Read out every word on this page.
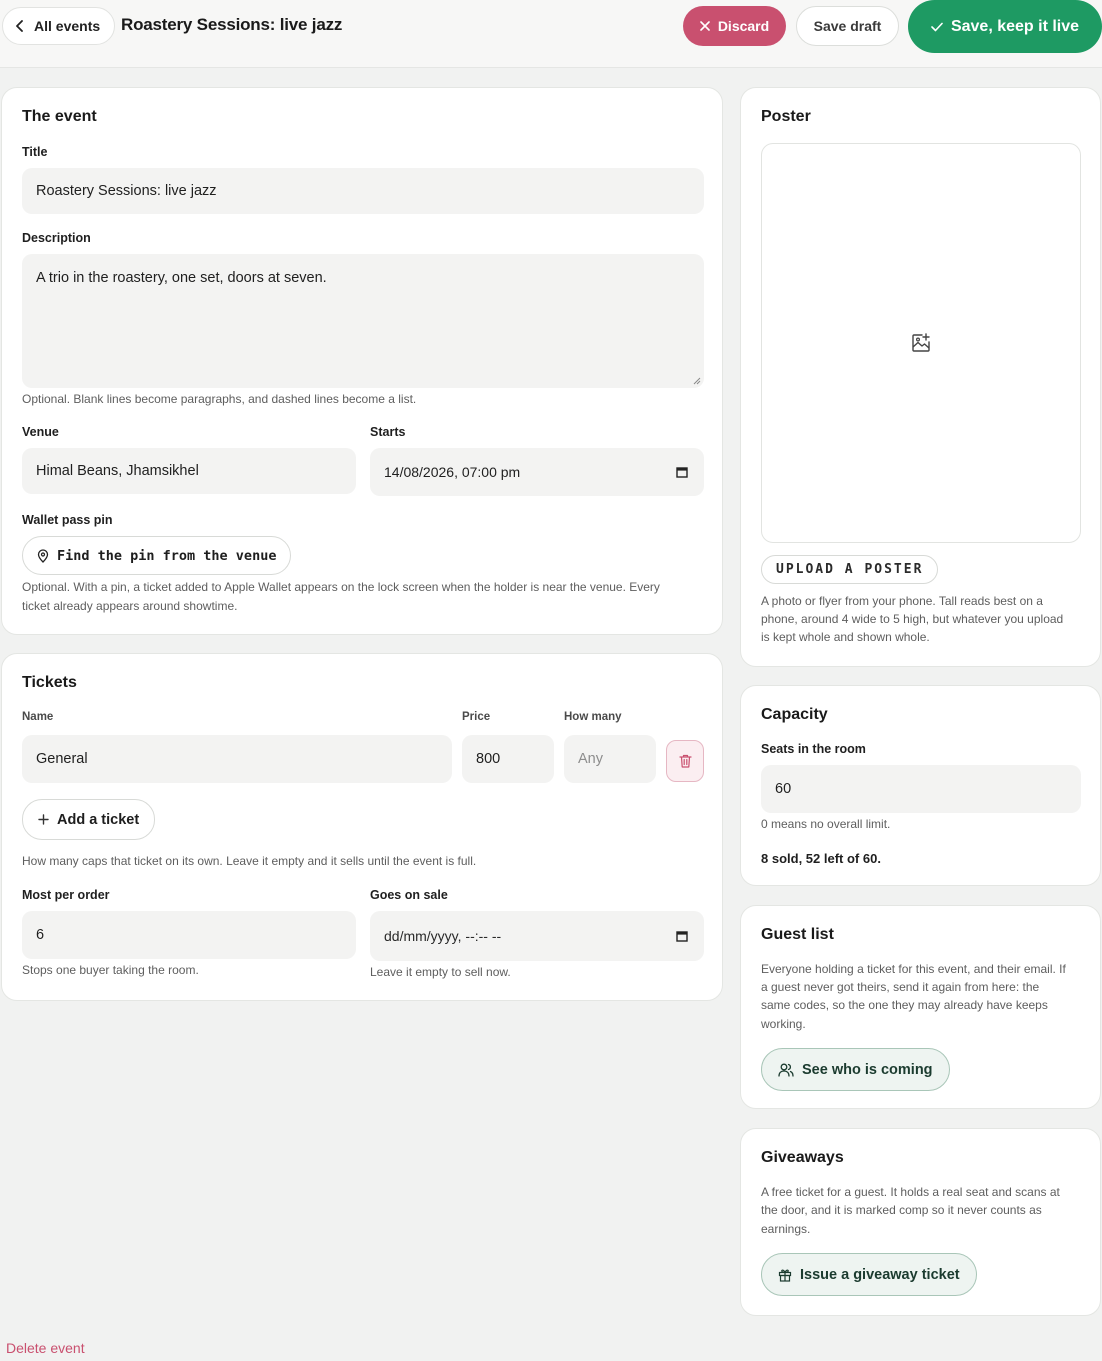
All events Roastery Sessions: live jazz	Discard	Save draft	Save, keep it live
The event
Title
Roastery Sessions: live jazz
Description
A trio in the roastery, one set, doors at seven.
Optional. Blank lines become paragraphs, and dashed lines become a list.
Venue
Himal Beans, Jhamsikhel
Starts
14/08/2026, 07:00 pm
Wallet pass pin
Find the pin from the venue
Optional. With a pin, a ticket added to Apple Wallet appears on the lock screen when the holder is near the venue. Every
ticket already appears around showtime.
Tickets
Name	Price	How many
General	800	Any
Add a ticket
How many caps that ticket on its own. Leave it empty and it sells until the event is full.
Most per order
6
Stops one buyer taking the room.
Goes on sale
dd/mm/yyyy, --:-- --
Leave it empty to sell now.
Poster
UPLOAD A POSTER
A photo or flyer from your phone. Tall reads best on a
phone, around 4 wide to 5 high, but whatever you upload
is kept whole and shown whole.
Capacity
Seats in the room
60
0 means no overall limit.
8 sold, 52 left of 60.
Guest list
Everyone holding a ticket for this event, and their email. If
a guest never got theirs, send it again from here: the
same codes, so the one they may already have keeps
working.
See who is coming
Giveaways
A free ticket for a guest. It holds a real seat and scans at
the door, and it is marked comp so it never counts as
earnings.
Issue a giveaway ticket
Delete event
